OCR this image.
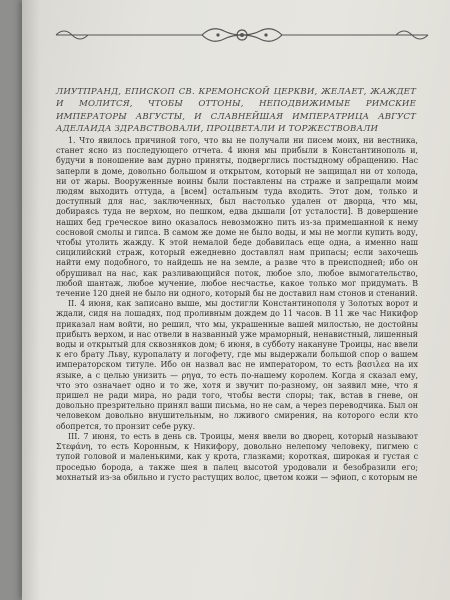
ЛИУТПРАНД, ЕПИСКОП СВ. КРЕМОНСКОЙ ЦЕРКВИ, ЖЕЛАЕТ, ЖАЖДЕТ И МОЛИТСЯ, ЧТОБЫ ОТТОНЫ, НЕПОДВИЖИМЫЕ РИМСКИЕ ИМПЕРАТОРЫ АВГУСТЫ, И СЛАВНЕЙШАЯ ИМПЕРАТРИЦА АВГУСТ АДЕЛАИДА ЗДРАВСТВОВАЛИ, ПРОЦВЕТАЛИ И ТОРЖЕСТВОВАЛИ

1. Что явилось причиной того, что вы не получали ни писем моих, ни вестника, станет ясно из последующего отчета. 4 июня мы прибыли в Константинополь и, будучи в поношение вам дурно приняты, подверглись постыдному обращению. Нас заперли в доме, довольно большом и открытом, который не защищал ни от холода, ни от жары. Вооруженные воины были поставлены на страже и запрещали моим людям выходить оттуда, а [всем] остальным туда входить. Этот дом, только и доступный для нас, заключенных, был настолько удален от дворца, что мы, добираясь туда не верхом, но пешком, едва дышали [от усталости]. В довершение наших бед греческое вино оказалось невозможно пить из-за примешанной к нему сосновой смолы и гипса. В самом же доме не было воды, и мы не могли купить воду, чтобы утолить жажду. К этой немалой беде добавилась еще одна, а именно наш сицилийский страж, который ежедневно доставлял нам припасы; если захочешь найти ему подобного, то найдешь не на земле, а разве что в преисподней; ибо он обрушивал на нас, как разливающийся поток, любое зло, любое вымогательство, любой шантаж, любое мучение, любое несчастье, какое только мог придумать. В течение 120 дней не было ни одного, который бы не доставил нам стонов и стенаний.

II. 4 июня, как записано выше, мы достигли Константинополя у Золотых ворот и ждали, сидя на лошадях, под проливным дождем до 11 часов. В 11 же час Никифор приказал нам войти, но решил, что мы, украшенные вашей милостью, не достойны прибыть верхом, и нас отвели в названный уже мраморный, ненавистный, лишенный воды и открытый для сквозняков дом; 6 июня, в субботу накануне Троицы, нас ввели к его брату Льву, куропалату и логофету, где мы выдержали большой спор о вашем императорском титуле. Ибо он назвал вас не императором, то есть βασιλεα на их языке, а с целью унизить — ρηγα, то есть по-нашему королем. Когда я сказал ему, что это означает одно и то же, хотя и звучит по-разному, он заявил мне, что я пришел не ради мира, но ради того, чтобы вести споры; так, встав в гневе, он довольно презрительно принял ваши письма, но не сам, а через переводчика. Был он человеком довольно внушительным, но лживого смирения, на которого если кто обопрется, то пронзит себе руку.

III. 7 июня, то есть в день св. Троицы, меня ввели во дворец, который называют Στεφάνη, то есть Коронным, к Никифору, довольно нелепому человеку, пигмею с тупой головой и маленькими, как у крота, глазками; короткая, широкая и густая с проседью борода, а также шея в палец высотой уродовали и безобразили его; мохнатый из-за обильно и густо растущих волос, цветом кожи — эфиоп, с которым не
